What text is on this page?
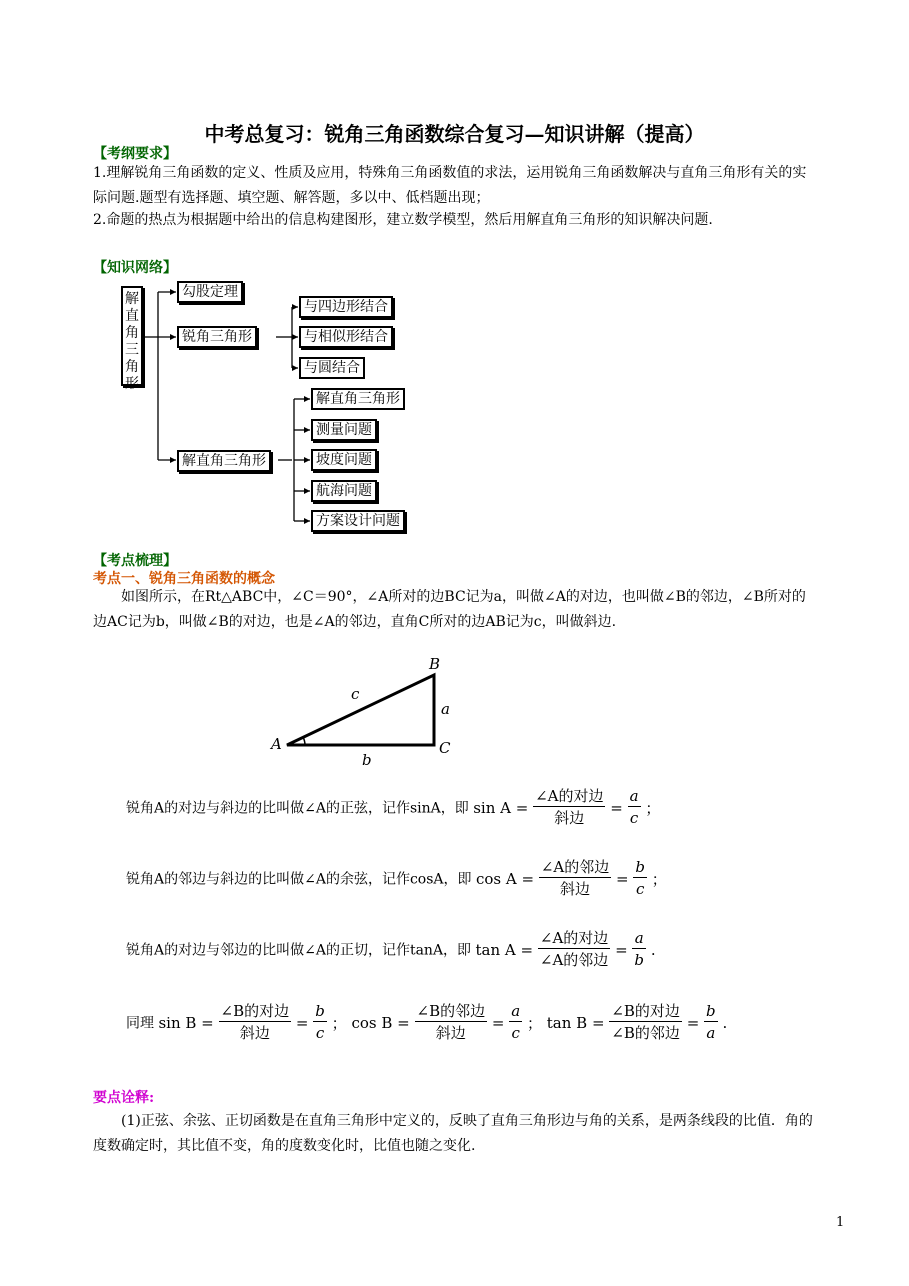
中考总复习：锐角三角函数综合复习—知识讲解（提高）
【考纲要求】
1.理解锐角三角函数的定义、性质及应用，特殊角三角函数值的求法，运用锐角三角函数解决与直角三角形有关的实际问题.题型有选择题、填空题、解答题，多以中、低档题出现；
2.命题的热点为根据题中给出的信息构建图形，建立数学模型，然后用解直角三角形的知识解决问题.
【知识网络】
解
直
角
三
角
形
勾股定理
锐角三角形
解直角三角形
与四边形结合
与相似形结合
与圆结合
解直角三角形
测量问题
坡度问题
航海问题
方案设计问题
【考点梳理】
考点一、锐角三角函数的概念
如图所示，在Rt△ABC中，∠C＝90°，∠A所对的边BC记为a，叫做∠A的对边，也叫做∠B的邻边，∠B所对的边AC记为b，叫做∠B的对边，也是∠A的邻边，直角C所对的边AB记为c，叫做斜边.
A
B
C
a
b
c
锐角A的对边与斜边的比叫做∠A的正弦，记作sinA，即 $\sin A = \frac{\text{∠A的对边}}{\text{斜边}} = \frac{a}{c}$ ；
锐角A的邻边与斜边的比叫做∠A的余弦，记作cosA，即 $\cos A = \frac{\text{∠A的邻边}}{\text{斜边}} = \frac{b}{c}$ ；
锐角A的对边与邻边的比叫做∠A的正切，记作tanA，即 $\tan A = \frac{\text{∠A的对边}}{\text{∠A的邻边}} = \frac{a}{b}$ .
同理 $\sin B = \frac{\text{∠B的对边}}{\text{斜边}} = \frac{b}{c}$ ； $\cos B = \frac{\text{∠B的邻边}}{\text{斜边}} = \frac{a}{c}$ ； $\tan B = \frac{\text{∠B的对边}}{\text{∠B的邻边}} = \frac{b}{a}$ .
要点诠释:
(1)正弦、余弦、正切函数是在直角三角形中定义的，反映了直角三角形边与角的关系，是两条线段的比值．角的度数确定时，其比值不变，角的度数变化时，比值也随之变化.
1
